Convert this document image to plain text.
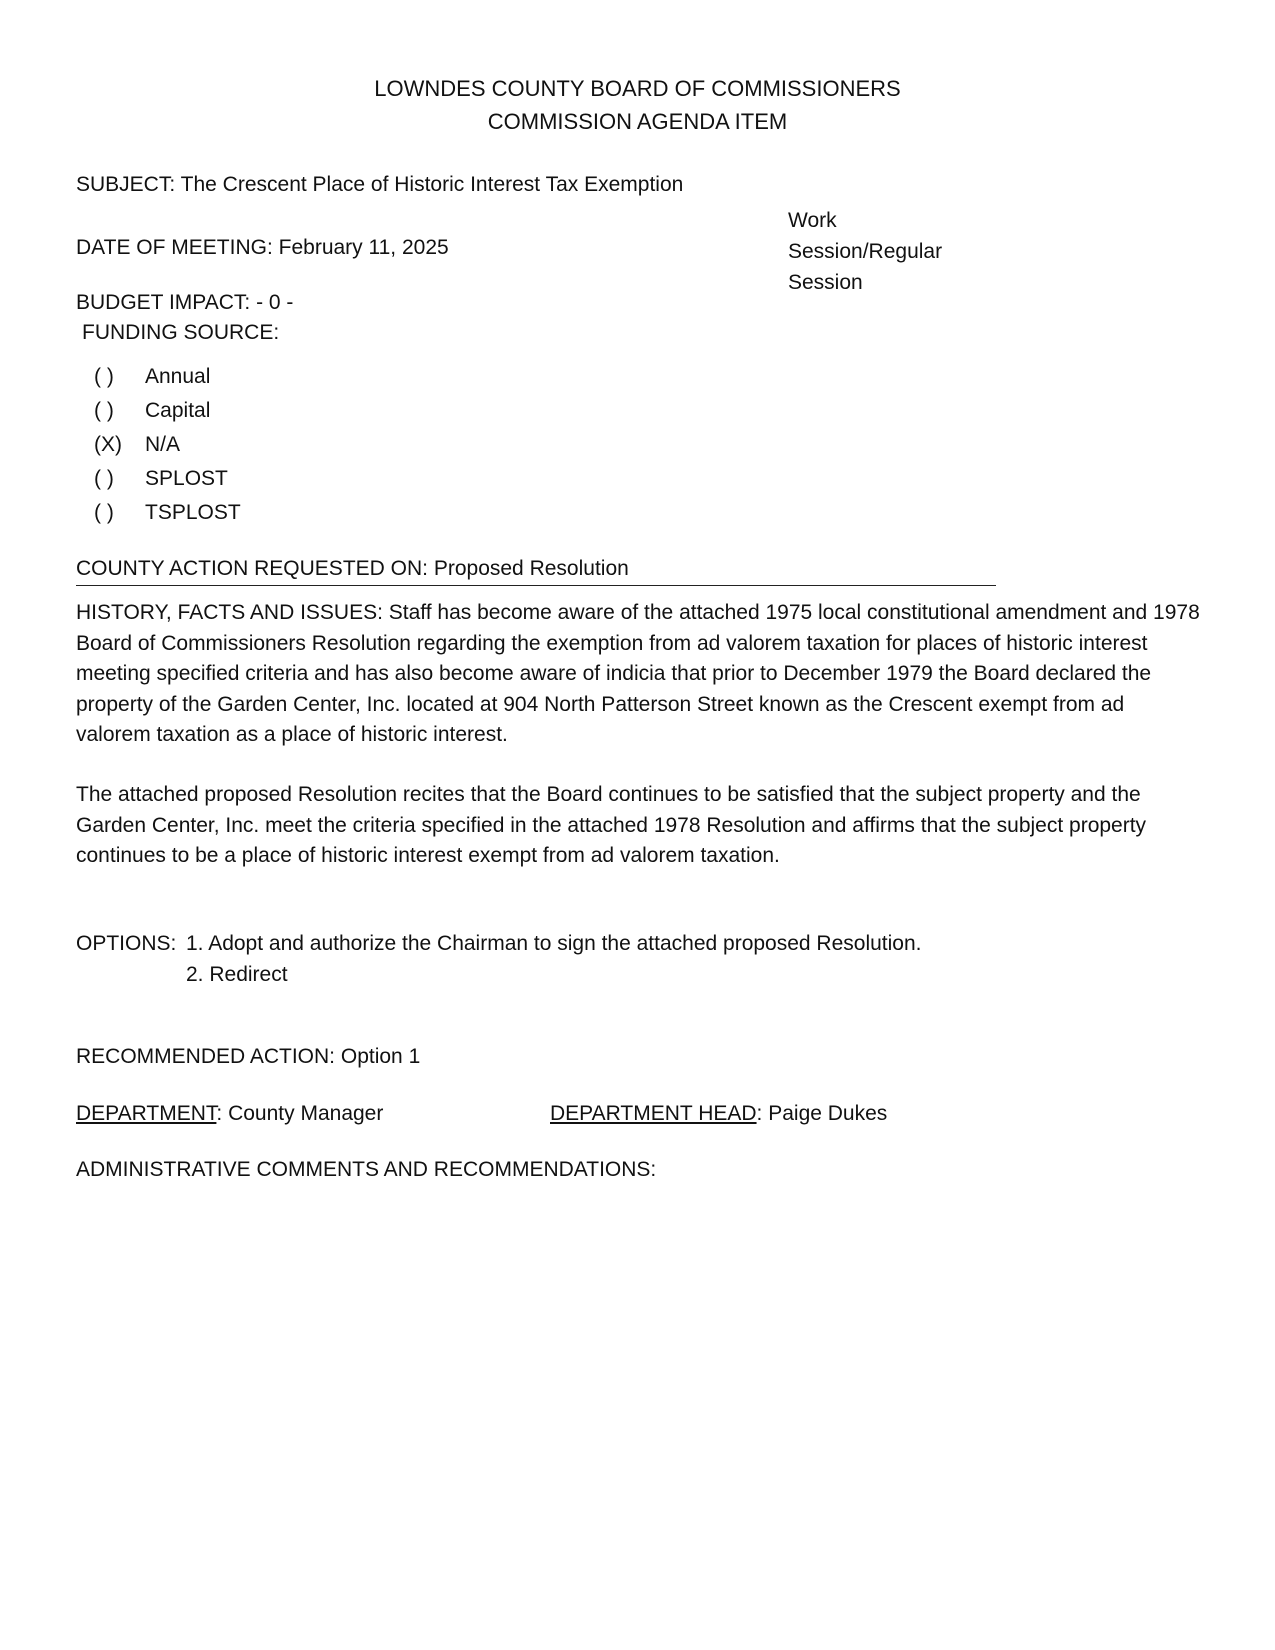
LOWNDES COUNTY BOARD OF COMMISSIONERS
COMMISSION AGENDA ITEM
SUBJECT: The Crescent Place of Historic Interest Tax Exemption
DATE OF MEETING: February 11, 2025
Work
Session/Regular
Session
BUDGET IMPACT: - 0 -
FUNDING SOURCE:
( ) Annual
( ) Capital
(X) N/A
( ) SPLOST
( ) TSPLOST
COUNTY ACTION REQUESTED ON: Proposed Resolution
HISTORY, FACTS AND ISSUES: Staff has become aware of the attached 1975 local constitutional amendment and 1978 Board of Commissioners Resolution regarding the exemption from ad valorem taxation for places of historic interest meeting specified criteria and has also become aware of indicia that prior to December 1979 the Board declared the property of the Garden Center, Inc. located at 904 North Patterson Street known as the Crescent exempt from ad valorem taxation as a place of historic interest.
The attached proposed Resolution recites that the Board continues to be satisfied that the subject property and the Garden Center, Inc. meet the criteria specified in the attached 1978 Resolution and affirms that the subject property continues to be a place of historic interest exempt from ad valorem taxation.
OPTIONS: 1. Adopt and authorize the Chairman to sign the attached proposed Resolution.
2. Redirect
RECOMMENDED ACTION: Option 1
DEPARTMENT: County Manager	DEPARTMENT HEAD: Paige Dukes
ADMINISTRATIVE COMMENTS AND RECOMMENDATIONS:
